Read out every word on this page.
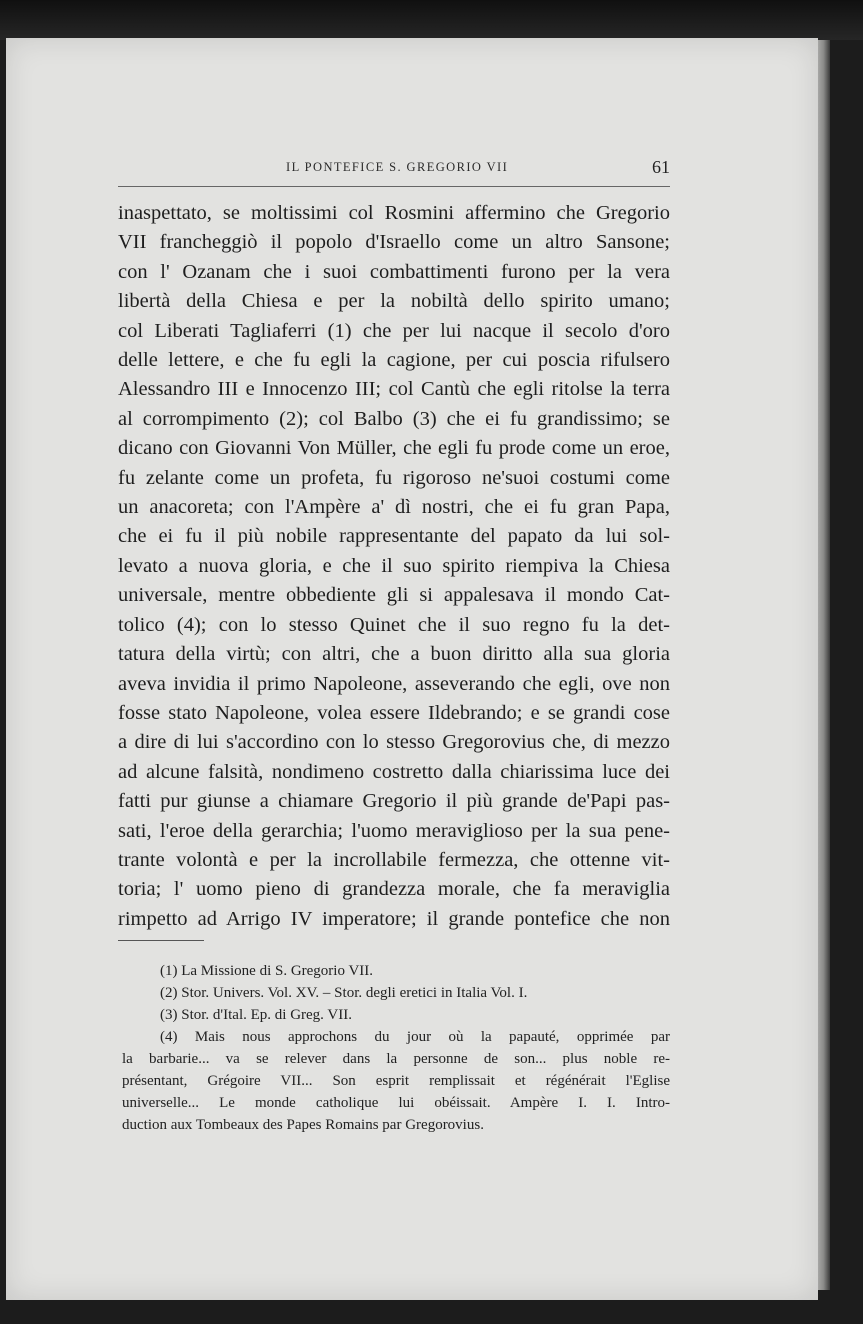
IL PONTEFICE S. GREGORIO VII	61
inaspettato, se moltissimi col Rosmini affermino che Gregorio
VII francheggiò il popolo d'Israello come un altro Sansone;
con l' Ozanam che i suoi combattimenti furono per la vera
libertà della Chiesa e per la nobiltà dello spirito umano;
col Liberati Tagliaferri (1) che per lui nacque il secolo d'oro
delle lettere, e che fu egli la cagione, per cui poscia rifulsero
Alessandro III e Innocenzo III; col Cantù che egli ritolse la terra
al corrompimento (2); col Balbo (3) che ei fu grandissimo; se
dicano con Giovanni Von Müller, che egli fu prode come un eroe,
fu zelante come un profeta, fu rigoroso ne'suoi costumi come
un anacoreta; con l'Ampère a' dì nostri, che ei fu gran Papa,
che ei fu il più nobile rappresentante del papato da lui sol-
levato a nuova gloria, e che il suo spirito riempiva la Chiesa
universale, mentre obbediente gli si appalesava il mondo Cat-
tolico (4); con lo stesso Quinet che il suo regno fu la det-
tatura della virtù; con altri, che a buon diritto alla sua gloria
aveva invidia il primo Napoleone, asseverando che egli, ove non
fosse stato Napoleone, volea essere Ildebrando; e se grandi cose
a dire di lui s'accordino con lo stesso Gregorovius che, di mezzo
ad alcune falsità, nondimeno costretto dalla chiarissima luce dei
fatti pur giunse a chiamare Gregorio il più grande de'Papi pas-
sati, l'eroe della gerarchia; l'uomo meraviglioso per la sua pene-
trante volontà e per la incrollabile fermezza, che ottenne vit-
toria; l' uomo pieno di grandezza morale, che fa meraviglia
rimpetto ad Arrigo IV imperatore; il grande pontefice che non
(1) La Missione di S. Gregorio VII.
(2) Stor. Univers. Vol. XV. – Stor. degli eretici in Italia Vol. I.
(3) Stor. d'Ital. Ep. di Greg. VII.
(4) Mais nous approchons du jour où la papauté, opprimée par
la barbarie... va se relever dans la personne de son... plus noble re-
présentant, Grégoire VII... Son esprit remplissait et régénérait l'Eglise
universelle... Le monde catholique lui obéissait. Ampère I. I. Intro-
duction aux Tombeaux des Papes Romains par Gregorovius.
